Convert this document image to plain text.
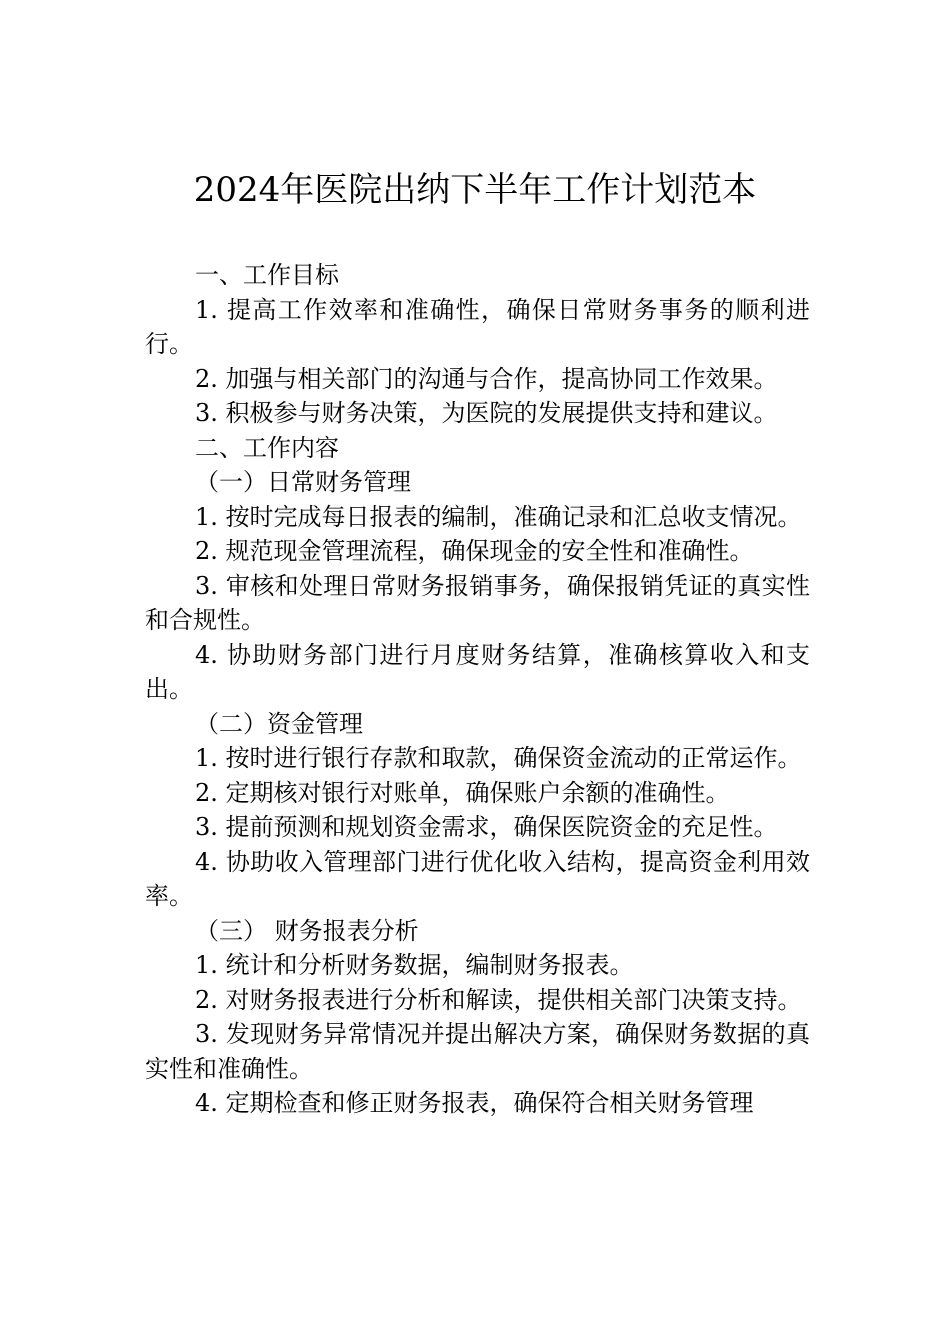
2024年医院出纳下半年工作计划范本

一、工作目标

1. 提高工作效率和准确性，确保日常财务事务的顺利进行。

2. 加强与相关部门的沟通与合作，提高协同工作效果。

3. 积极参与财务决策，为医院的发展提供支持和建议。

二、工作内容

（一）日常财务管理

1. 按时完成每日报表的编制，准确记录和汇总收支情况。

2. 规范现金管理流程，确保现金的安全性和准确性。

3. 审核和处理日常财务报销事务，确保报销凭证的真实性和合规性。

4. 协助财务部门进行月度财务结算，准确核算收入和支出。

（二）资金管理

1. 按时进行银行存款和取款，确保资金流动的正常运作。

2. 定期核对银行对账单，确保账户余额的准确性。

3. 提前预测和规划资金需求，确保医院资金的充足性。

4. 协助收入管理部门进行优化收入结构，提高资金利用效率。

（三） 财务报表分析

1. 统计和分析财务数据，编制财务报表。

2. 对财务报表进行分析和解读，提供相关部门决策支持。

3. 发现财务异常情况并提出解决方案，确保财务数据的真实性和准确性。

4. 定期检查和修正财务报表，确保符合相关财务管理
